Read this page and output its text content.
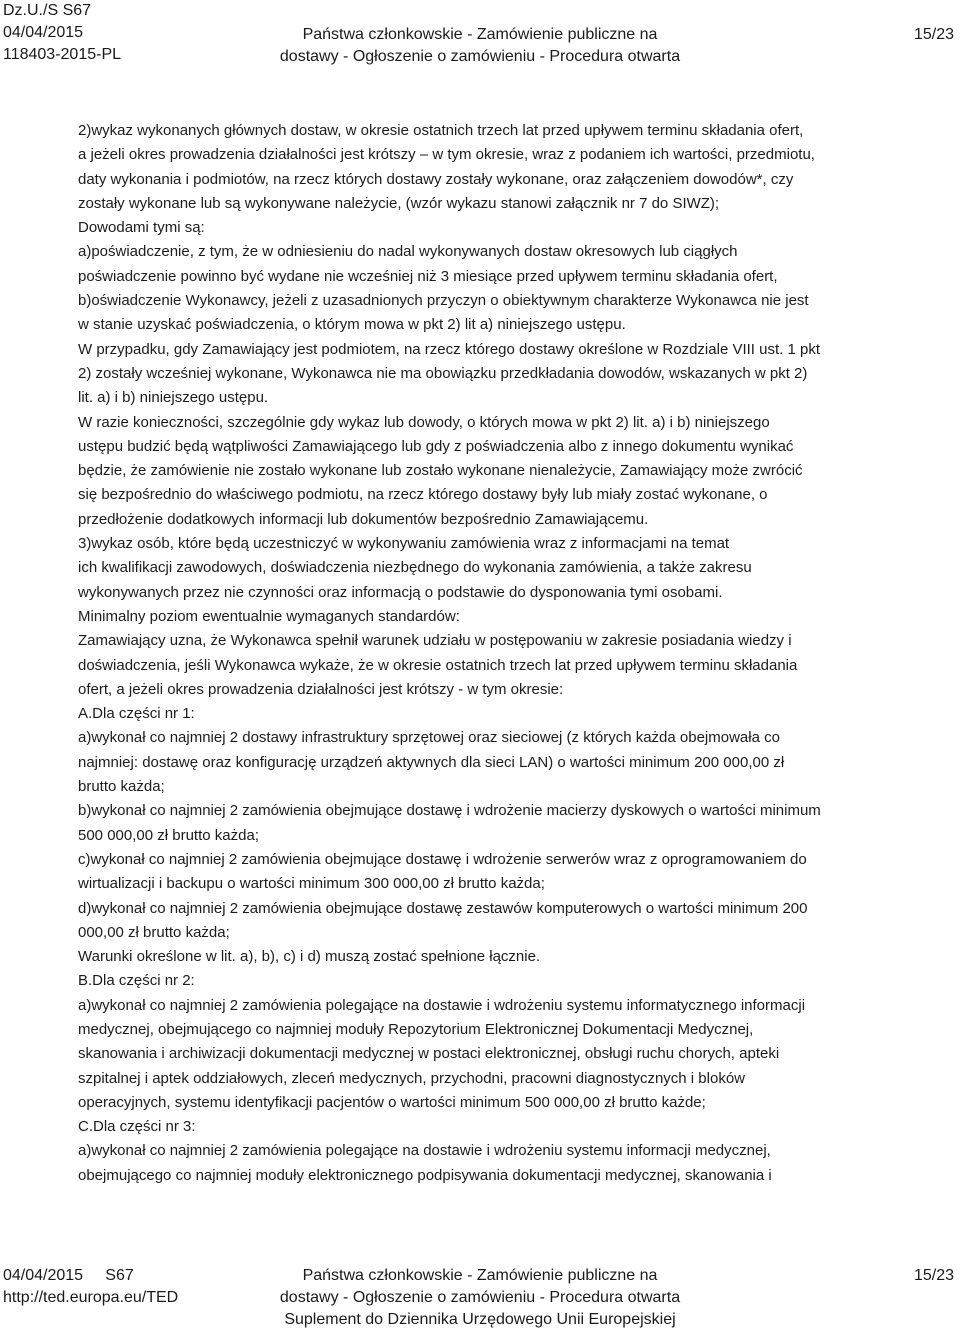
Dz.U./S S67
04/04/2015
118403-2015-PL
Państwa członkowskie - Zamówienie publiczne na
dostawy - Ogłoszenie o zamówieniu - Procedura otwarta
15/23

2)wykaz wykonanych głównych dostaw, w okresie ostatnich trzech lat przed upływem terminu składania ofert,

a jeżeli okres prowadzenia działalności jest krótszy – w tym okresie, wraz z podaniem ich wartości, przedmiotu,

daty wykonania i podmiotów, na rzecz których dostawy zostały wykonane, oraz załączeniem dowodów*, czy

zostały wykonane lub są wykonywane należycie, (wzór wykazu stanowi załącznik nr 7 do SIWZ);

Dowodami tymi są:

a)poświadczenie, z tym, że w odniesieniu do nadal wykonywanych dostaw okresowych lub ciągłych

poświadczenie powinno być wydane nie wcześniej niż 3 miesiące przed upływem terminu składania ofert,

b)oświadczenie Wykonawcy, jeżeli z uzasadnionych przyczyn o obiektywnym charakterze Wykonawca nie jest

w stanie uzyskać poświadczenia, o którym mowa w pkt 2) lit a) niniejszego ustępu.

W przypadku, gdy Zamawiający jest podmiotem, na rzecz którego dostawy określone w Rozdziale VIII ust. 1 pkt

2) zostały wcześniej wykonane, Wykonawca nie ma obowiązku przedkładania dowodów, wskazanych w pkt 2)

lit. a) i b) niniejszego ustępu.

W razie konieczności, szczególnie gdy wykaz lub dowody, o których mowa w pkt 2) lit. a) i b) niniejszego

ustępu budzić będą wątpliwości Zamawiającego lub gdy z poświadczenia albo z innego dokumentu wynikać

będzie, że zamówienie nie zostało wykonane lub zostało wykonane nienależycie, Zamawiający może zwrócić

się bezpośrednio do właściwego podmiotu, na rzecz którego dostawy były lub miały zostać wykonane, o

przedłożenie dodatkowych informacji lub dokumentów bezpośrednio Zamawiającemu.

3)wykaz osób, które będą uczestniczyć w wykonywaniu zamówienia wraz z informacjami na temat

ich kwalifikacji zawodowych, doświadczenia niezbędnego do wykonania zamówienia, a także zakresu

wykonywanych przez nie czynności oraz informacją o podstawie do dysponowania tymi osobami.

Minimalny poziom ewentualnie wymaganych standardów:

Zamawiający uzna, że Wykonawca spełnił warunek udziału w postępowaniu w zakresie posiadania wiedzy i

doświadczenia, jeśli Wykonawca wykaże, że w okresie ostatnich trzech lat przed upływem terminu składania

ofert, a jeżeli okres prowadzenia działalności jest krótszy - w tym okresie:

A.Dla części nr 1:

a)wykonał co najmniej 2 dostawy infrastruktury sprzętowej oraz sieciowej (z których każda obejmowała co

najmniej: dostawę oraz konfigurację urządzeń aktywnych dla sieci LAN) o wartości minimum 200 000,00 zł

brutto każda;

b)wykonał co najmniej 2 zamówienia obejmujące dostawę i wdrożenie macierzy dyskowych o wartości minimum

500 000,00 zł brutto każda;

c)wykonał co najmniej 2 zamówienia obejmujące dostawę i wdrożenie serwerów wraz z oprogramowaniem do

wirtualizacji i backupu o wartości minimum 300 000,00 zł brutto każda;

d)wykonał co najmniej 2 zamówienia obejmujące dostawę zestawów komputerowych o wartości minimum 200

000,00 zł brutto każda;

Warunki określone w lit. a), b), c) i d) muszą zostać spełnione łącznie.

B.Dla części nr 2:

a)wykonał co najmniej 2 zamówienia polegające na dostawie i wdrożeniu systemu informatycznego informacji

medycznej, obejmującego co najmniej moduły Repozytorium Elektronicznej Dokumentacji Medycznej,

skanowania i archiwizacji dokumentacji medycznej w postaci elektronicznej, obsługi ruchu chorych, apteki

szpitalnej i aptek oddziałowych, zleceń medycznych, przychodni, pracowni diagnostycznych i bloków

operacyjnych, systemu identyfikacji pacjentów o wartości minimum 500 000,00 zł brutto każde;

C.Dla części nr 3:

a)wykonał co najmniej 2 zamówienia polegające na dostawie i wdrożeniu systemu informacji medycznej,

obejmującego co najmniej moduły elektronicznego podpisywania dokumentacji medycznej, skanowania i

04/04/2015     S67
http://ted.europa.eu/TED
Państwa członkowskie - Zamówienie publiczne na
dostawy - Ogłoszenie o zamówieniu - Procedura otwarta
Suplement do Dziennika Urzędowego Unii Europejskiej
15/23
